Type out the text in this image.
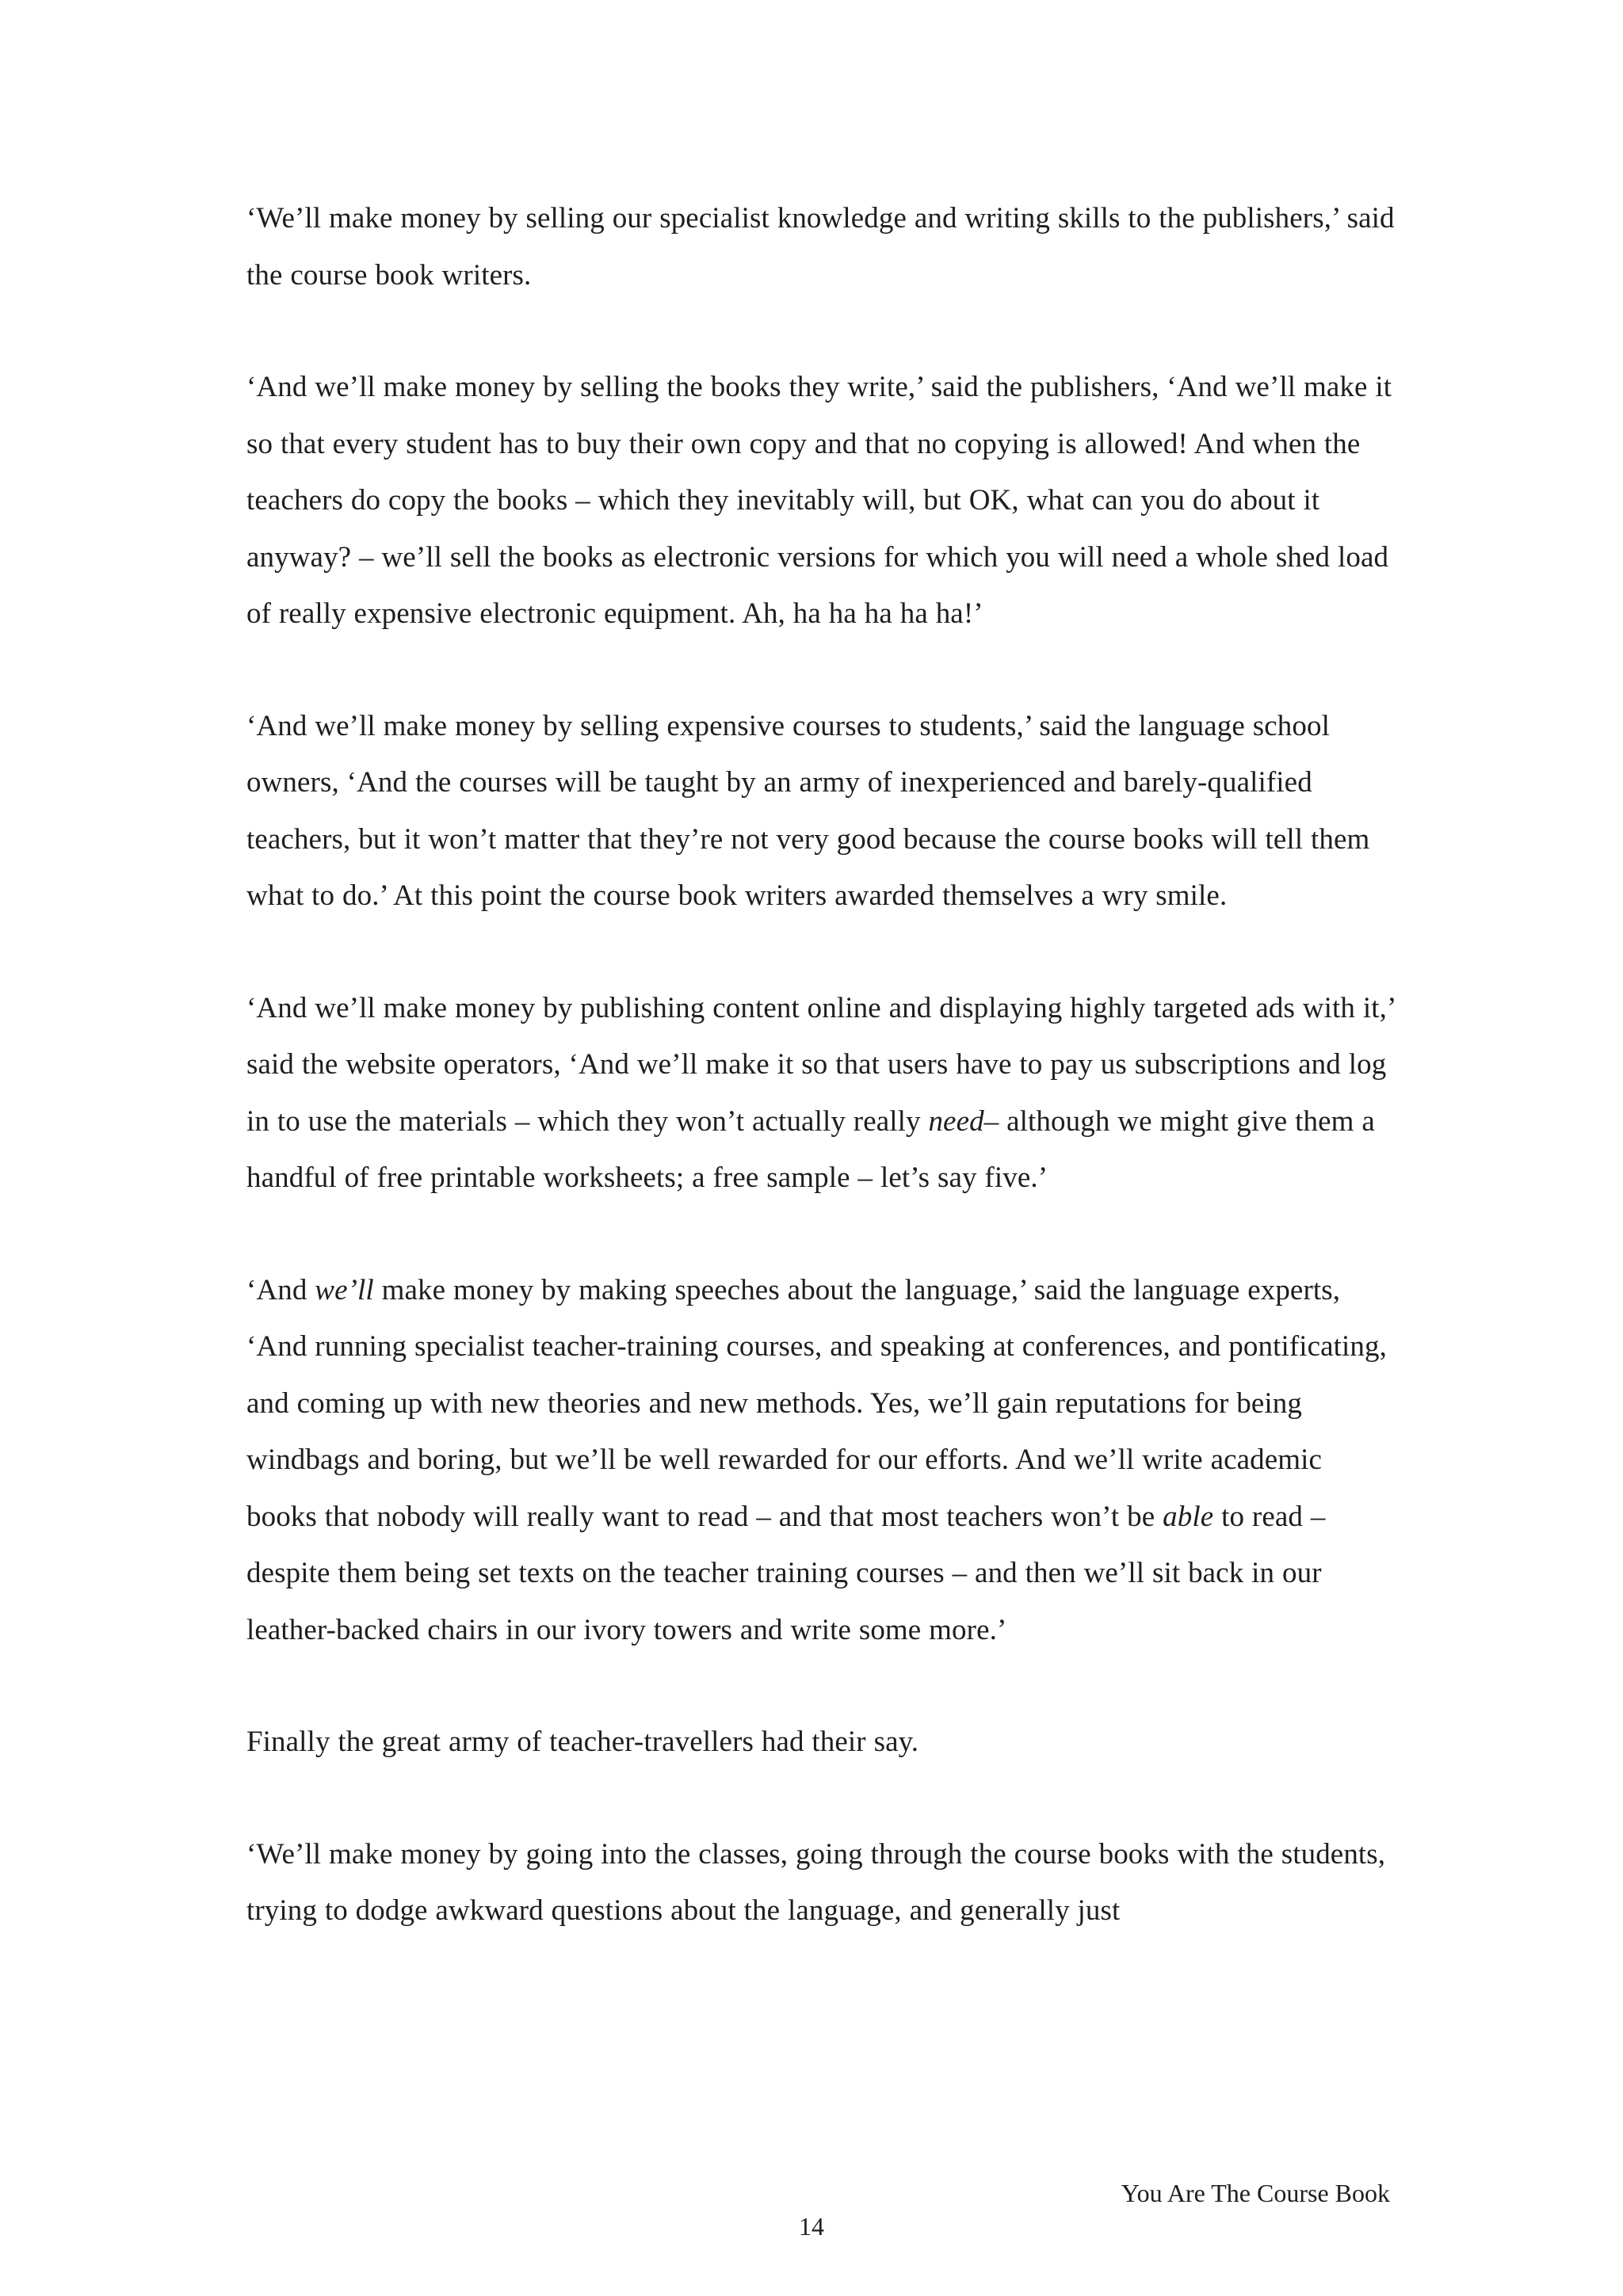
‘We’ll make money by selling our specialist knowledge and writing skills to the publishers,’ said the course book writers.

‘And we’ll make money by selling the books they write,’ said the publishers, ‘And we’ll make it so that every student has to buy their own copy and that no copying is allowed! And when the teachers do copy the books – which they inevitably will, but OK, what can you do about it anyway? – we’ll sell the books as electronic versions for which you will need a whole shed load of really expensive electronic equipment. Ah, ha ha ha ha ha!’

‘And we’ll make money by selling expensive courses to students,’ said the language school owners, ‘And the courses will be taught by an army of inexperienced and barely-qualified teachers, but it won’t matter that they’re not very good because the course books will tell them what to do.’ At this point the course book writers awarded themselves a wry smile.

‘And we’ll make money by publishing content online and displaying highly targeted ads with it,’ said the website operators, ‘And we’ll make it so that users have to pay us subscriptions and log in to use the materials – which they won’t actually really need– although we might give them a handful of free printable worksheets; a free sample – let’s say five.’

‘And we’ll make money by making speeches about the language,’ said the language experts, ‘And running specialist teacher-training courses, and speaking at conferences, and pontificating, and coming up with new theories and new methods. Yes, we’ll gain reputations for being windbags and boring, but we’ll be well rewarded for our efforts. And we’ll write academic books that nobody will really want to read – and that most teachers won’t be able to read – despite them being set texts on the teacher training courses – and then we’ll sit back in our leather-backed chairs in our ivory towers and write some more.’

Finally the great army of teacher-travellers had their say.

‘We’ll make money by going into the classes, going through the course books with the students, trying to dodge awkward questions about the language, and generally just

You Are The Course Book
14
